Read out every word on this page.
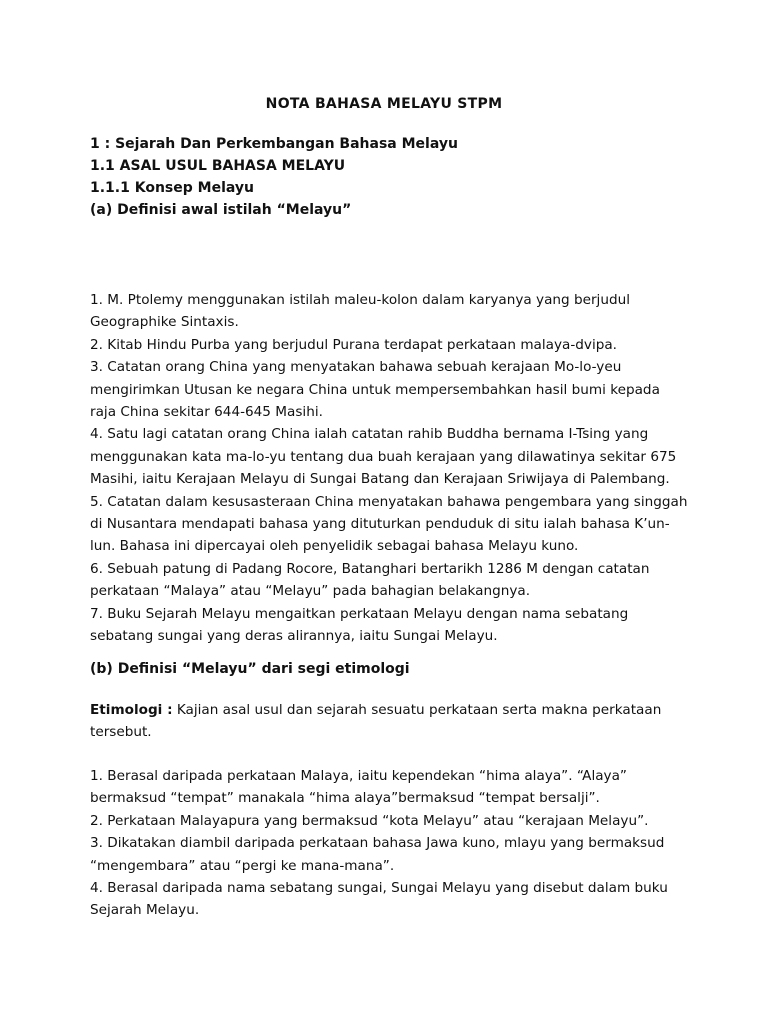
NOTA BAHASA MELAYU STPM
1 : Sejarah Dan Perkembangan Bahasa Melayu
1.1 ASAL USUL BAHASA MELAYU
1.1.1 Konsep Melayu
(a) Definisi awal istilah “Melayu”

1. M. Ptolemy menggunakan istilah maleu-kolon dalam karyanya yang berjudul Geographike Sintaxis.

2. Kitab Hindu Purba yang berjudul Purana terdapat perkataan malaya-dvipa.

3. Catatan orang China yang menyatakan bahawa sebuah kerajaan Mo-lo-yeu mengirimkan Utusan ke negara China untuk mempersembahkan hasil bumi kepada raja China sekitar 644-645 Masihi.

4. Satu lagi catatan orang China ialah catatan rahib Buddha bernama I-Tsing yang menggunakan kata ma-lo-yu tentang dua buah kerajaan yang dilawatinya sekitar 675 Masihi, iaitu Kerajaan Melayu di Sungai Batang dan Kerajaan Sriwijaya di Palembang.

5. Catatan dalam kesusasteraan China menyatakan bahawa pengembara yang singgah di Nusantara mendapati bahasa yang dituturkan penduduk di situ ialah bahasa K’un-lun. Bahasa ini dipercayai oleh penyelidik sebagai bahasa Melayu kuno.

6. Sebuah patung di Padang Rocore, Batanghari bertarikh 1286 M dengan catatan perkataan “Malaya” atau “Melayu” pada bahagian belakangnya.

7. Buku Sejarah Melayu mengaitkan perkataan Melayu dengan nama sebatang sebatang sungai yang deras alirannya, iaitu Sungai Melayu.

(b) Definisi “Melayu” dari segi etimologi

Etimologi : Kajian asal usul dan sejarah sesuatu perkataan serta makna perkataan tersebut.

1. Berasal daripada perkataan Malaya, iaitu kependekan “hima alaya”. “Alaya” bermaksud “tempat” manakala “hima alaya”bermaksud “tempat bersalji”.

2. Perkataan Malayapura yang bermaksud “kota Melayu” atau “kerajaan Melayu”.

3. Dikatakan diambil daripada perkataan bahasa Jawa kuno, mlayu yang bermaksud “mengembara” atau “pergi ke mana-mana”.

4. Berasal daripada nama sebatang sungai, Sungai Melayu yang disebut dalam buku Sejarah Melayu.
